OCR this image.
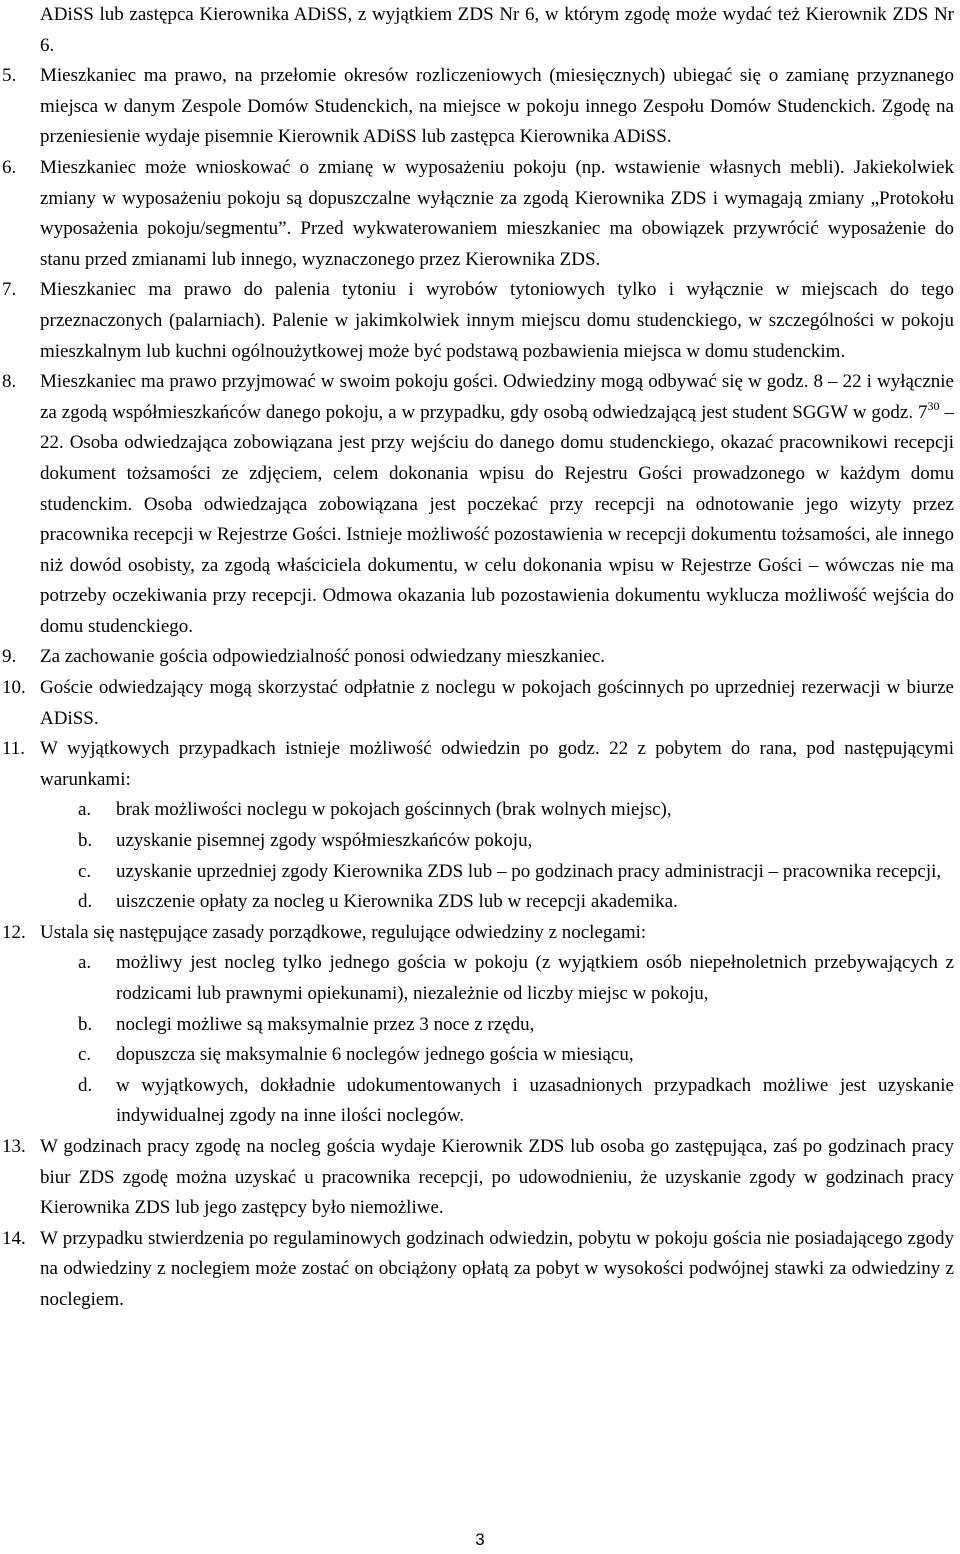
ADiSS lub zastępca Kierownika ADiSS, z wyjątkiem ZDS Nr 6, w którym zgodę może wydać też Kierownik ZDS Nr 6.

5. Mieszkaniec ma prawo, na przełomie okresów rozliczeniowych (miesięcznych) ubiegać się o zamianę przyznanego miejsca w danym Zespole Domów Studenckich, na miejsce w pokoju innego Zespołu Domów Studenckich. Zgodę na przeniesienie wydaje pisemnie Kierownik ADiSS lub zastępca Kierownika ADiSS.
6. Mieszkaniec może wnioskować o zmianę w wyposażeniu pokoju (np. wstawienie własnych mebli). Jakiekolwiek zmiany w wyposażeniu pokoju są dopuszczalne wyłącznie za zgodą Kierownika ZDS i wymagają zmiany „Protokołu wyposażenia pokoju/segmentu”. Przed wykwaterowaniem mieszkaniec ma obowiązek przywrócić wyposażenie do stanu przed zmianami lub innego, wyznaczonego przez Kierownika ZDS.
7. Mieszkaniec ma prawo do palenia tytoniu i wyrobów tytoniowych tylko i wyłącznie w miejscach do tego przeznaczonych (palarniach). Palenie w jakimkolwiek innym miejscu domu studenckiego, w szczególności w pokoju mieszkalnym lub kuchni ogólnoużytkowej może być podstawą pozbawienia miejsca w domu studenckim.
8. Mieszkaniec ma prawo przyjmować w swoim pokoju gości. Odwiedziny mogą odbywać się w godz. 8 – 22 i wyłącznie za zgodą współmieszkańców danego pokoju, a w przypadku, gdy osobą odwiedzającą jest student SGGW w godz. $7^{30} - 22$. Osoba odwiedzająca zobowiązana jest przy wejściu do danego domu studenckiego, okazać pracownikowi recepcji dokument tożsamości ze zdjęciem, celem dokonania wpisu do Rejestru Gości prowadzonego w każdym domu studenckim. Osoba odwiedzająca zobowiązana jest poczekać przy recepcji na odnotowanie jego wizyty przez pracownika recepcji w Rejestrze Gości. Istnieje możliwość pozostawienia w recepcji dokumentu tożsamości, ale innego niż dowód osobisty, za zgodą właściciela dokumentu, w celu dokonania wpisu w Rejestrze Gości – wówczas nie ma potrzeby oczekiwania przy recepcji. Odmowa okazania lub pozostawienia dokumentu wyklucza możliwość wejścia do domu studenckiego.
9. Za zachowanie gościa odpowiedzialność ponosi odwiedzany mieszkaniec.
10. Goście odwiedzający mogą skorzystać odpłatnie z noclegu w pokojach gościnnych po uprzedniej rezerwacji w biurze ADiSS.
11. W wyjątkowych przypadkach istnieje możliwość odwiedzin po godz. 22 z pobytem do rana, pod następującymi warunkami:
a. brak możliwości noclegu w pokojach gościnnych (brak wolnych miejsc),
b. uzyskanie pisemnej zgody współmieszkańców pokoju,
c. uzyskanie uprzedniej zgody Kierownika ZDS lub – po godzinach pracy administracji – pracownika recepcji,
d. uiszczenie opłaty za nocleg u Kierownika ZDS lub w recepcji akademika.
12. Ustala się następujące zasady porządkowe, regulujące odwiedziny z noclegami:
a. możliwy jest nocleg tylko jednego gościa w pokoju (z wyjątkiem osób niepełnoletnich przebywających z rodzicami lub prawnymi opiekunami), niezależnie od liczby miejsc w pokoju,
b. noclegi możliwe są maksymalnie przez 3 noce z rzędu,
c. dopuszcza się maksymalnie 6 noclegów jednego gościa w miesiącu,
d. w wyjątkowych, dokładnie udokumentowanych i uzasadnionych przypadkach możliwe jest uzyskanie indywidualnej zgody na inne ilości noclegów.
13. W godzinach pracy zgodę na nocleg gościa wydaje Kierownik ZDS lub osoba go zastępująca, zaś po godzinach pracy biur ZDS zgodę można uzyskać u pracownika recepcji, po udowodnieniu, że uzyskanie zgody w godzinach pracy Kierownika ZDS lub jego zastępcy było niemożliwe.
14. W przypadku stwierdzenia po regulaminowych godzinach odwiedzin, pobytu w pokoju gościa nie posiadającego zgody na odwiedziny z noclegiem może zostać on obciążony opłatą za pobyt w wysokości podwójnej stawki za odwiedziny z noclegiem.
3
